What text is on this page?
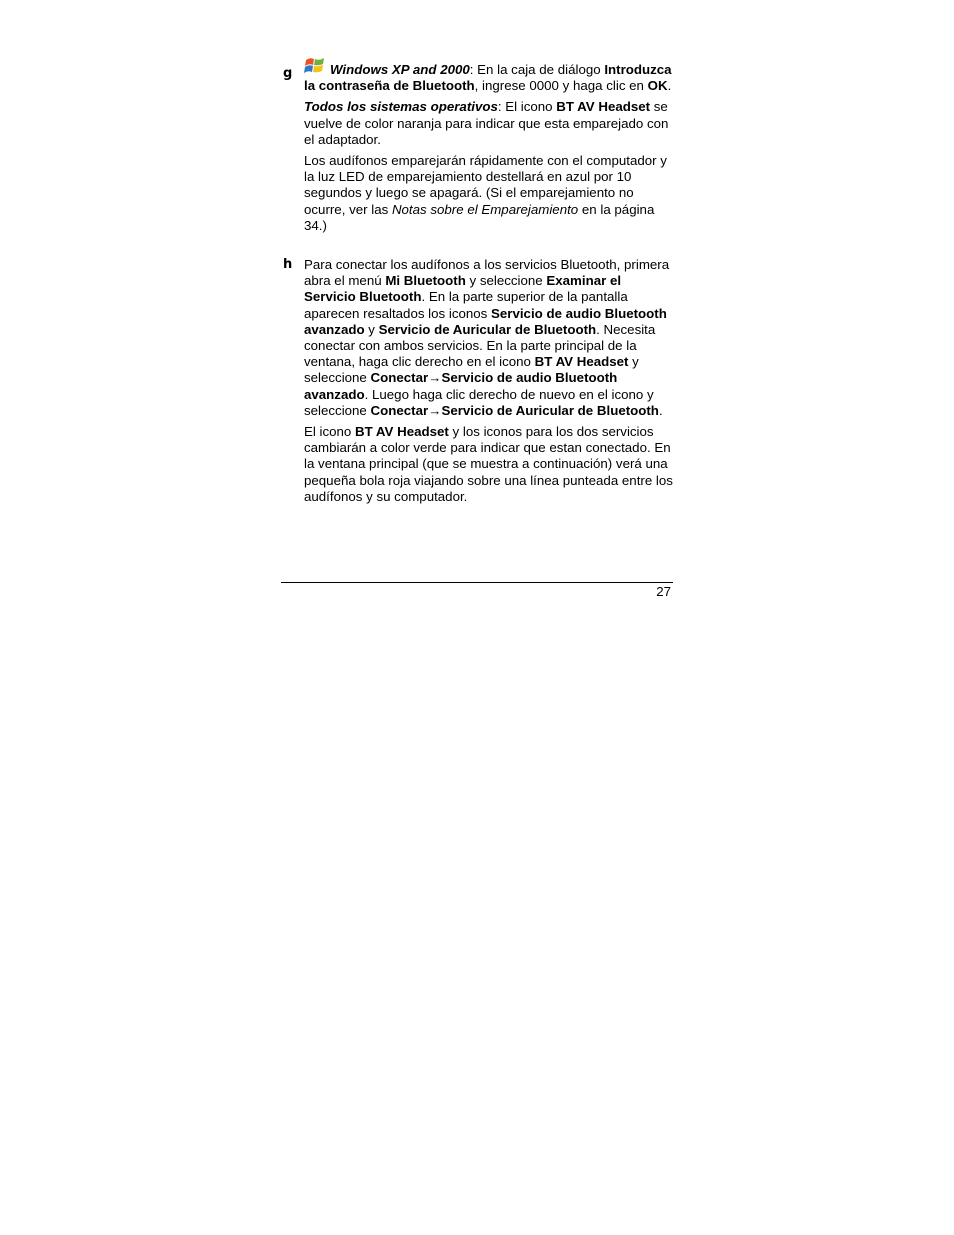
g	Windows XP and 2000: En la caja de diálogo Introduzca la contraseña de Bluetooth, ingrese 0000 y haga clic en OK.

Todos los sistemas operativos: El icono BT AV Headset se vuelve de color naranja para indicar que esta emparejado con el adaptador.

Los audífonos emparejarán rápidamente con el computador y la luz LED de emparejamiento destellará en azul por 10 segundos y luego se apagará. (Si el emparejamiento no ocurre, ver las Notas sobre el Emparejamiento en la página 34.)

h Para conectar los audífonos a los servicios Bluetooth, primera abra el menú Mi Bluetooth y seleccione Examinar el Servicio Bluetooth. En la parte superior de la pantalla aparecen resaltados los iconos Servicio de audio Bluetooth avanzado y Servicio de Auricular de Bluetooth. Necesita conectar con ambos servicios. En la parte principal de la ventana, haga clic derecho en el icono BT AV Headset y seleccione Conectar→Servicio de audio Bluetooth avanzado. Luego haga clic derecho de nuevo en el icono y seleccione Conectar→Servicio de Auricular de Bluetooth.

El icono BT AV Headset y los iconos para los dos servicios cambiarán a color verde para indicar que estan conectado. En la ventana principal (que se muestra a continuación) verá una pequeña bola roja viajando sobre una línea punteada entre los audífonos y su computador.

27
